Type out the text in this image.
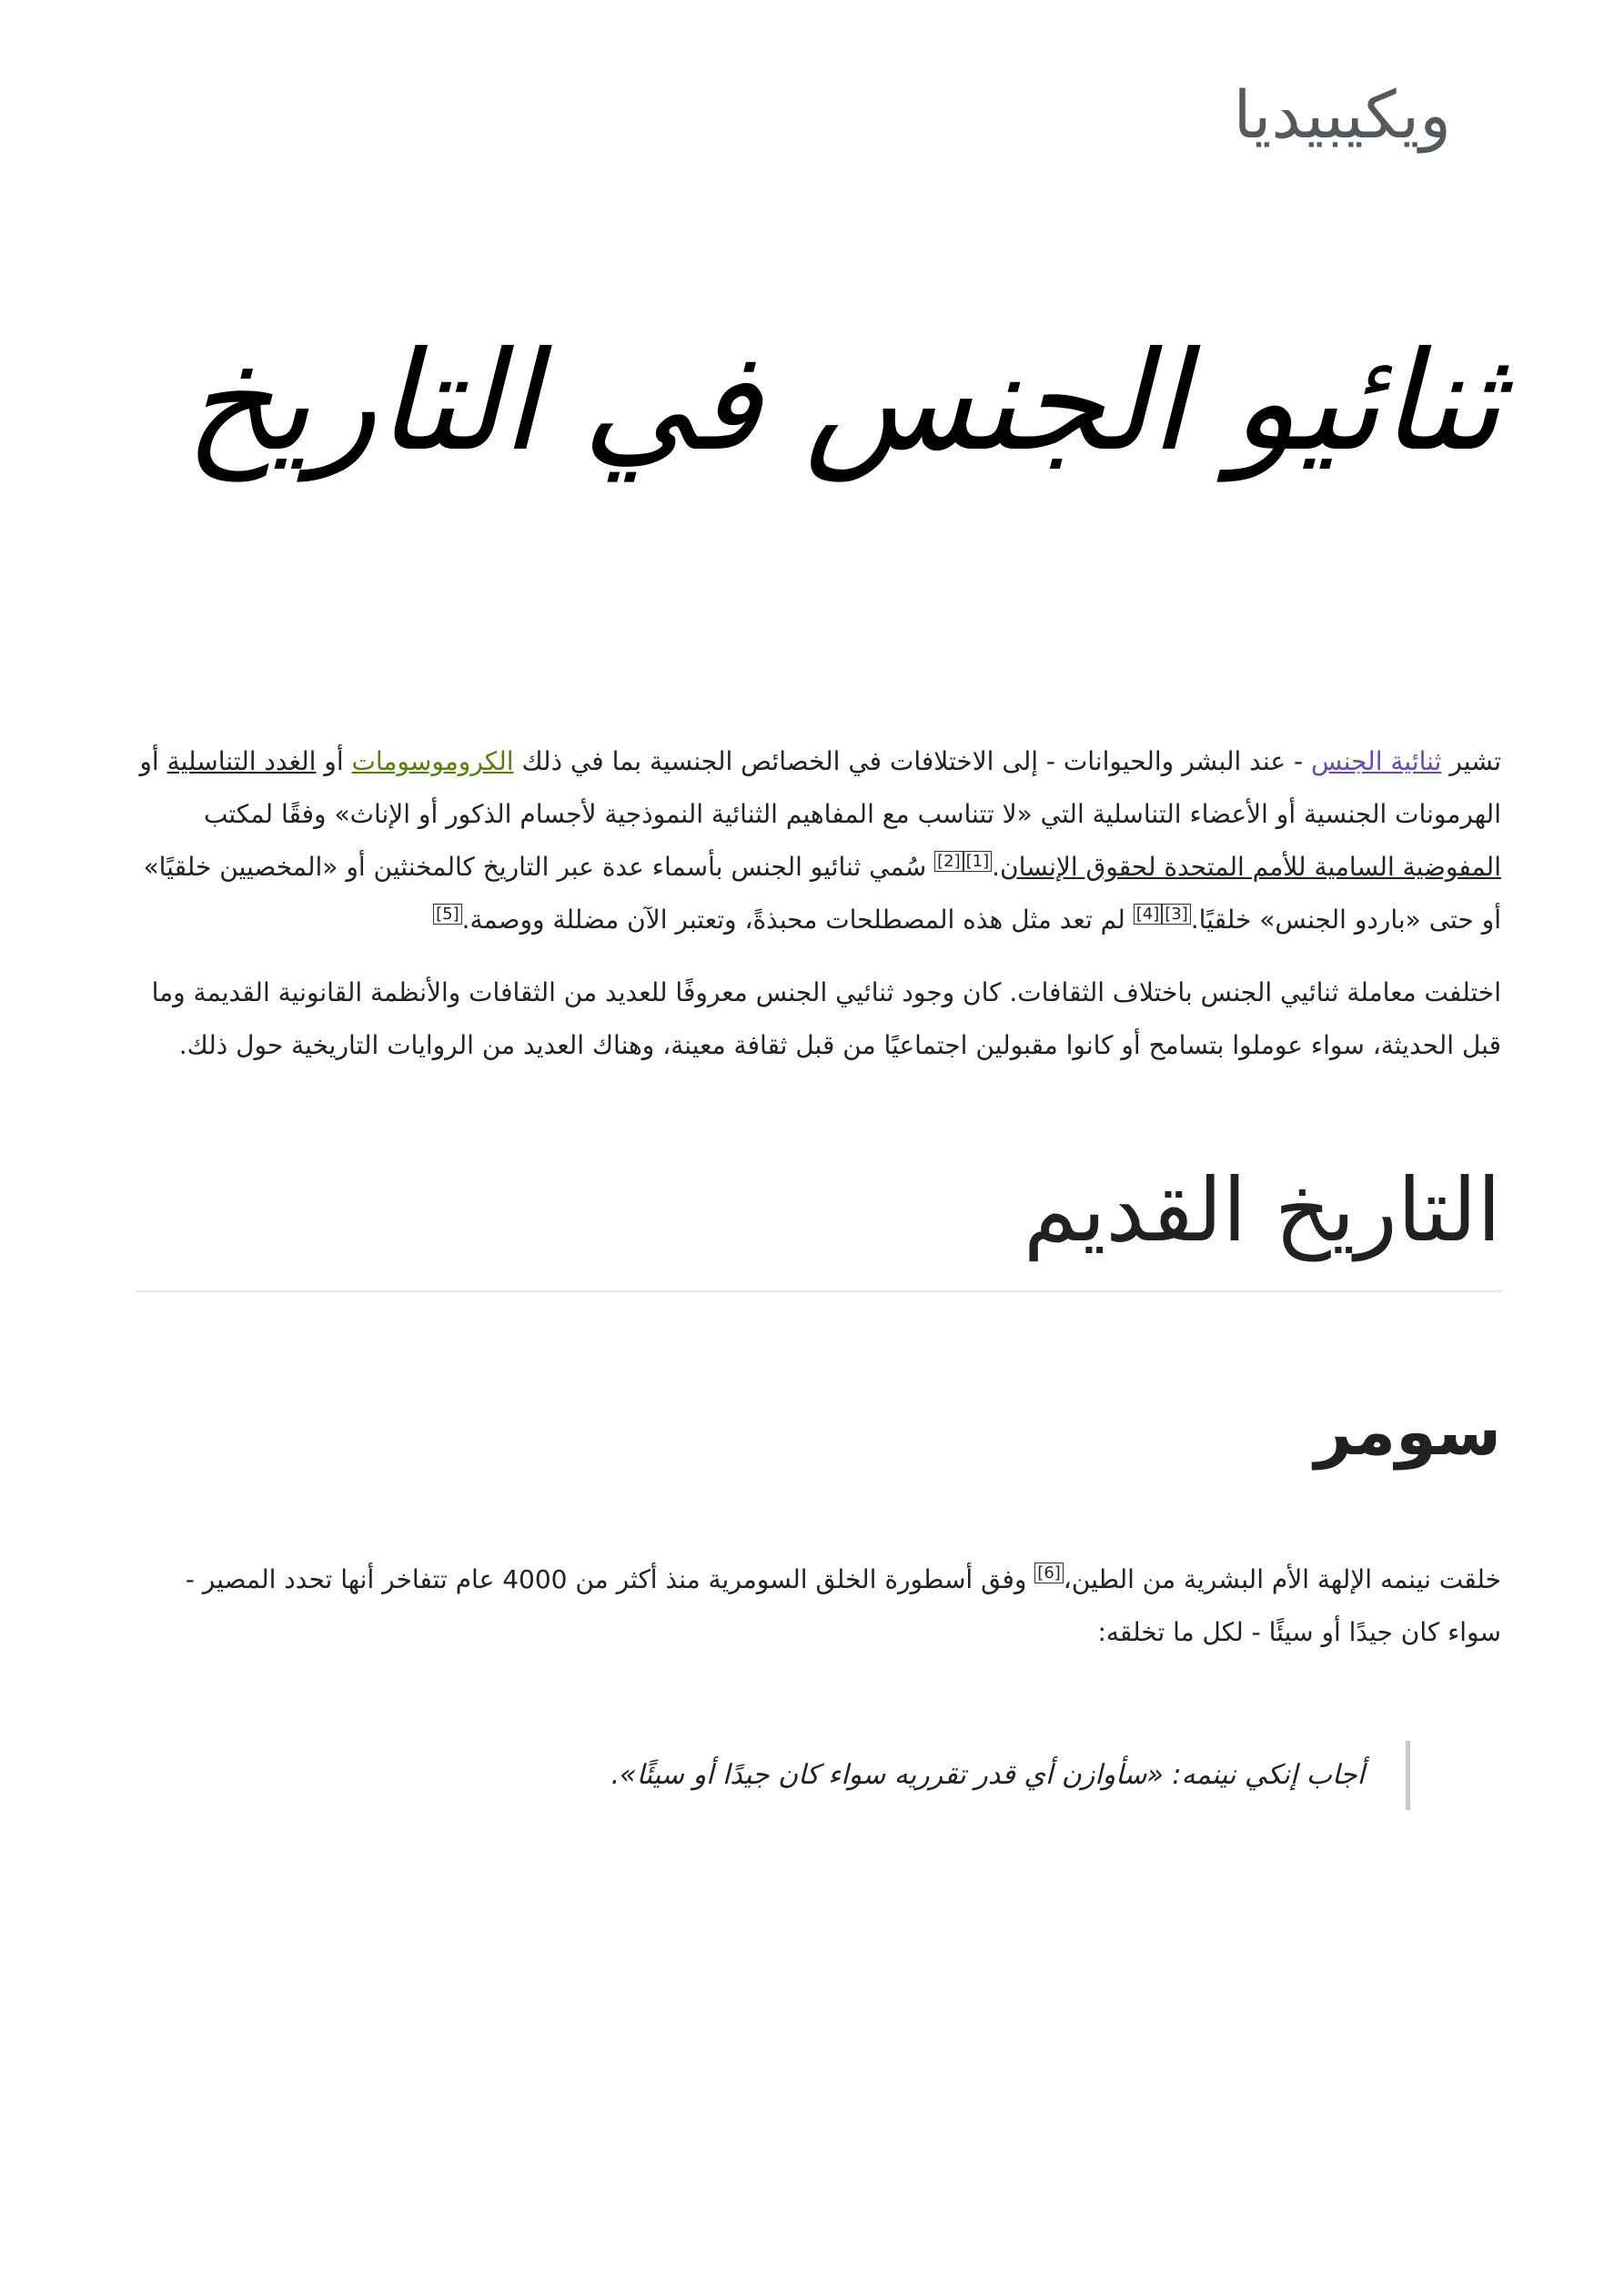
ويكيبيديا
ثنائيو الجنس في التاريخ

تشير ثنائية الجنس - عند البشر والحيوانات - إلى الاختلافات في الخصائص الجنسية بما في ذلك الكروموسومات أو الغدد التناسلية أو الهرمونات الجنسية أو الأعضاء التناسلية التي «لا تتناسب مع المفاهيم الثنائية النموذجية لأجسام الذكور أو الإناث» وفقًا لمكتب المفوضية السامية للأمم المتحدة لحقوق الإنسان.[1][2] سُمي ثنائيو الجنس بأسماء عدة عبر التاريخ كالمخنثين أو «المخصيين خلقيًا» أو حتى «باردو الجنس» خلقيًا.[3][4] لم تعد مثل هذه المصطلحات محبذةً، وتعتبر الآن مضللة ووصمة.[5]

اختلفت معاملة ثنائيي الجنس باختلاف الثقافات. كان وجود ثنائيي الجنس معروفًا للعديد من الثقافات والأنظمة القانونية القديمة وما قبل الحديثة، سواء عوملوا بتسامح أو كانوا مقبولين اجتماعيًا من قبل ثقافة معينة، وهناك العديد من الروايات التاريخية حول ذلك.

التاريخ القديم
سومر

خلقت نينمه الإلهة الأم البشرية من الطين،[6] وفق أسطورة الخلق السومرية منذ أكثر من 4000 عام تتفاخر أنها تحدد المصير - سواء كان جيدًا أو سيئًا - لكل ما تخلقه:

أجاب إنكي نينمه: «سأوازن أي قدر تقرريه سواء كان جيدًا أو سيئًا».
